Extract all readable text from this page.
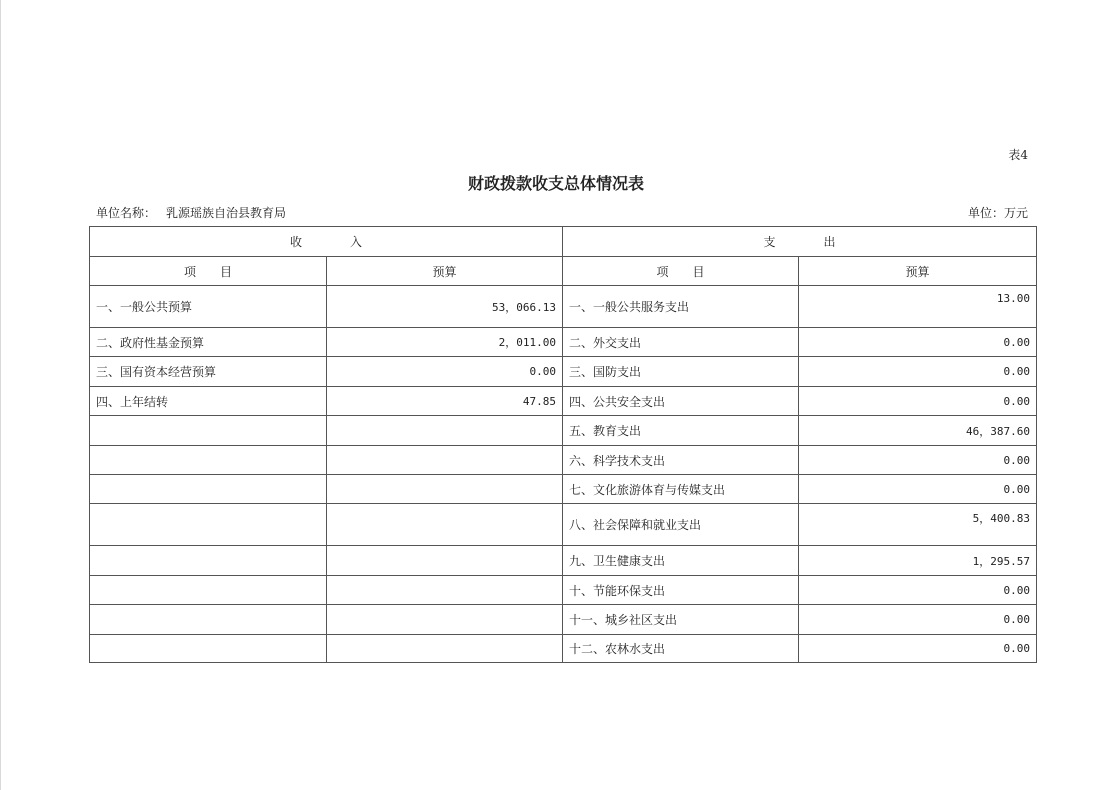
表4
财政拨款收支总体情况表
单位名称： 乳源瑶族自治县教育局	单位：万元
收　　　　入		支　　　　出	
项　　目	预算	项　　目	预算
一、一般公共预算	53，066.13	一、一般公共服务支出	13.00
二、政府性基金预算	2，011.00	二、外交支出	0.00
三、国有资本经营预算	0.00	三、国防支出	0.00
四、上年结转	47.85	四、公共安全支出	0.00
		五、教育支出	46，387.60
		六、科学技术支出	0.00
		七、文化旅游体育与传媒支出	0.00
		八、社会保障和就业支出	5，400.83
		九、卫生健康支出	1，295.57
		十、节能环保支出	0.00
		十一、城乡社区支出	0.00
		十二、农林水支出	0.00
